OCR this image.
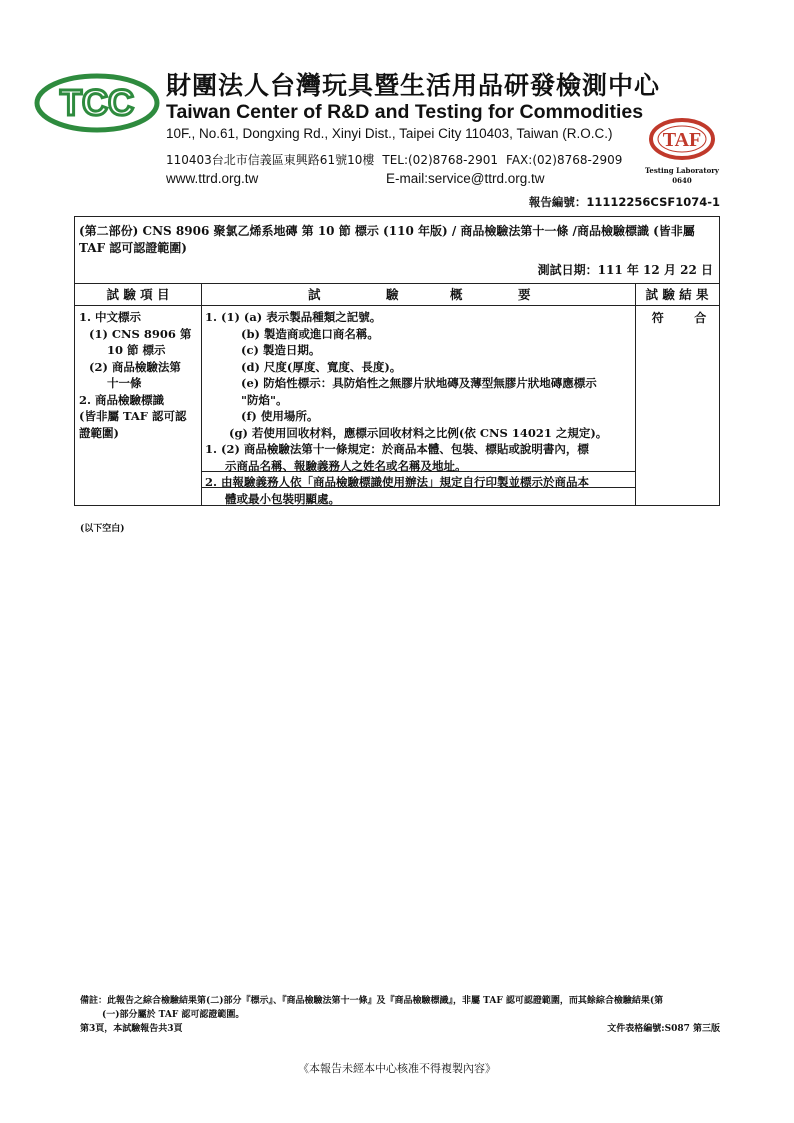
TCC 財團法人台灣玩具暨生活用品研發檢測中心
Taiwan Center of R&D and Testing for Commodities
10F., No.61, Dongxing Rd., Xinyi Dist., Taipei City 110403, Taiwan (R.O.C.)
110403台北市信義區東興路61號10樓 TEL:(02)8768-2901 FAX:(02)8768-2909
www.ttrd.org.tw	E-mail:service@ttrd.org.tw
TAF
Testing Laboratory
0640
報告編號：11112256CSF1074-1
(第二部份) CNS 8906 聚氯乙烯系地磚 第 10 節 標示 (110 年版) / 商品檢驗法第十一條 /商品檢驗標識 (皆非屬
TAF 認可認證範圍)
測試日期：111 年 12 月 22 日
試 驗 項 目	試	驗	概	要	試 驗 結 果
1. 中文標示
(1) CNS 8906 第
10 節 標示
(2) 商品檢驗法第
十一條
2. 商品檢驗標識
(皆非屬 TAF 認可認
證範圍)
1. (1) (a) 表示製品種類之記號。
(b) 製造商或進口商名稱。
(c) 製造日期。
(d) 尺度(厚度、寬度、長度)。
(e) 防焰性標示：具防焰性之無膠片狀地磚及薄型無膠片狀地磚應標示
"防焰"。
(f) 使用場所。
(g) 若使用回收材料，應標示回收材料之比例(依 CNS 14021 之規定)。
1. (2) 商品檢驗法第十一條規定：於商品本體、包裝、標貼或說明書內，標
示商品名稱、報驗義務人之姓名或名稱及地址。
2. 由報驗義務人依「商品檢驗標識使用辦法」規定自行印製並標示於商品本
體或最小包裝明顯處。
符	合
(以下空白)
備註：此報告之綜合檢驗結果第(二)部分『標示』、『商品檢驗法第十一條』及『商品檢驗標識』，非屬 TAF 認可認證範圍，而其餘綜合檢驗結果(第
(一)部分屬於 TAF 認可認證範圍。
第3頁，本試驗報告共3頁	文件表格編號:S087 第三版
《本報告未經本中心核准不得複製內容》
